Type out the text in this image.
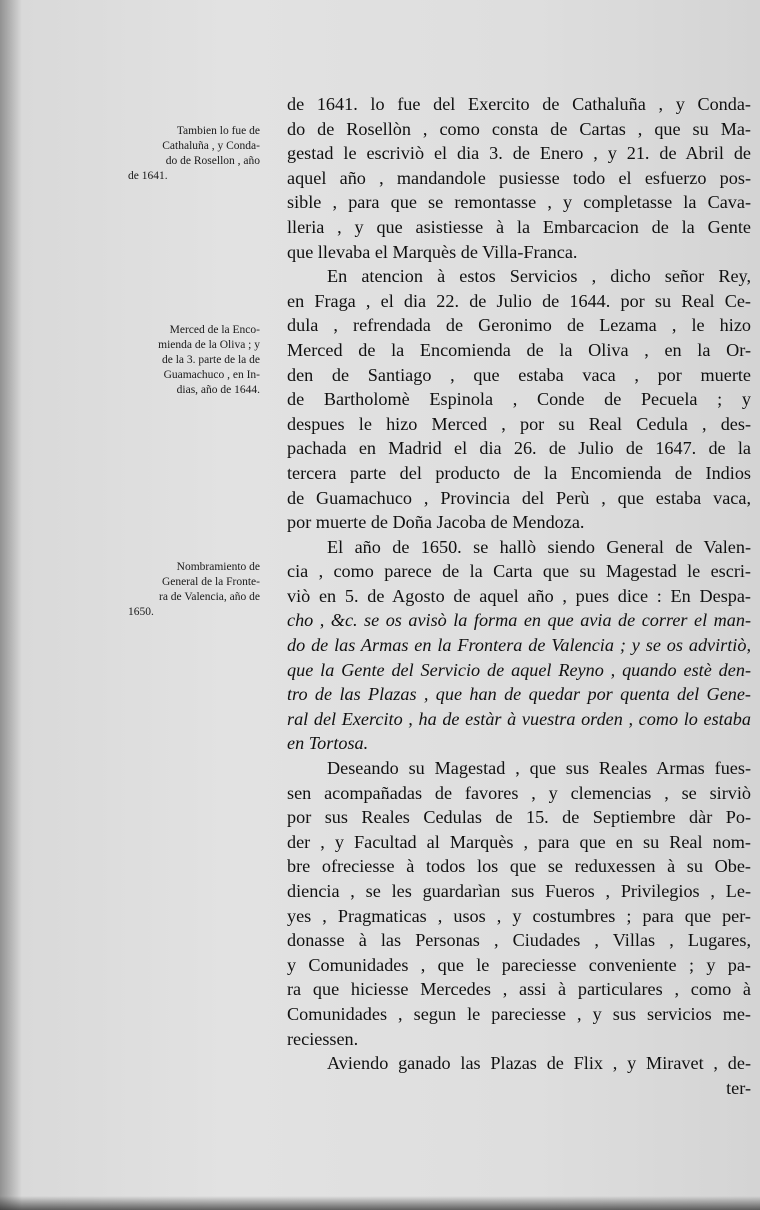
Tambien lo fue de
Cathaluña , y Conda-
do de Rosellon , año
de 1641.
Merced de la Enco-
mienda de la Oliva ; y
de la 3. parte de la de
Guamachuco , en In-
dias, año de 1644.
Nombramiento de
General de la Fronte-
ra de Valencia, año de
1650.
de 1641. lo fue del Exercito de Cathaluña , y Conda-
do de Rosellòn , como consta de Cartas , que su Ma-
gestad le escriviò el dia 3. de Enero , y 21. de Abril de
aquel año , mandandole pusiesse todo el esfuerzo pos-
sible , para que se remontasse , y completasse la Cava-
lleria , y que asistiesse à la Embarcacion de la Gente
que llevaba el Marquès de Villa-Franca.
En atencion à estos Servicios , dicho señor Rey,
en Fraga , el dia 22. de Julio de 1644. por su Real Ce-
dula , refrendada de Geronimo de Lezama , le hizo
Merced de la Encomienda de la Oliva , en la Or-
den de Santiago , que estaba vaca , por muerte
de Bartholomè Espinola , Conde de Pecuela ; y
despues le hizo Merced , por su Real Cedula , des-
pachada en Madrid el dia 26. de Julio de 1647. de la
tercera parte del producto de la Encomienda de Indios
de Guamachuco , Provincia del Perù , que estaba vaca,
por muerte de Doña Jacoba de Mendoza.
El año de 1650. se hallò siendo General de Valen-
cia , como parece de la Carta que su Magestad le escri-
viò en 5. de Agosto de aquel año , pues dice : En Despa-
cho , &c. se os avisò la forma en que avia de correr el man-
do de las Armas en la Frontera de Valencia ; y se os advirtiò,
que la Gente del Servicio de aquel Reyno , quando estè den-
tro de las Plazas , que han de quedar por quenta del Gene-
ral del Exercito , ha de estàr à vuestra orden , como lo estaba
en Tortosa.
Deseando su Magestad , que sus Reales Armas fues-
sen acompañadas de favores , y clemencias , se sirviò
por sus Reales Cedulas de 15. de Septiembre dàr Po-
der , y Facultad al Marquès , para que en su Real nom-
bre ofreciesse à todos los que se reduxessen à su Obe-
diencia , se les guardarìan sus Fueros , Privilegios , Le-
yes , Pragmaticas , usos , y costumbres ; para que per-
donasse à las Personas , Ciudades , Villas , Lugares,
y Comunidades , que le pareciesse conveniente ; y pa-
ra que hiciesse Mercedes , assi à particulares , como à
Comunidades , segun le pareciesse , y sus servicios me-
reciessen.
Aviendo ganado las Plazas de Flix , y Miravet , de-
ter-
